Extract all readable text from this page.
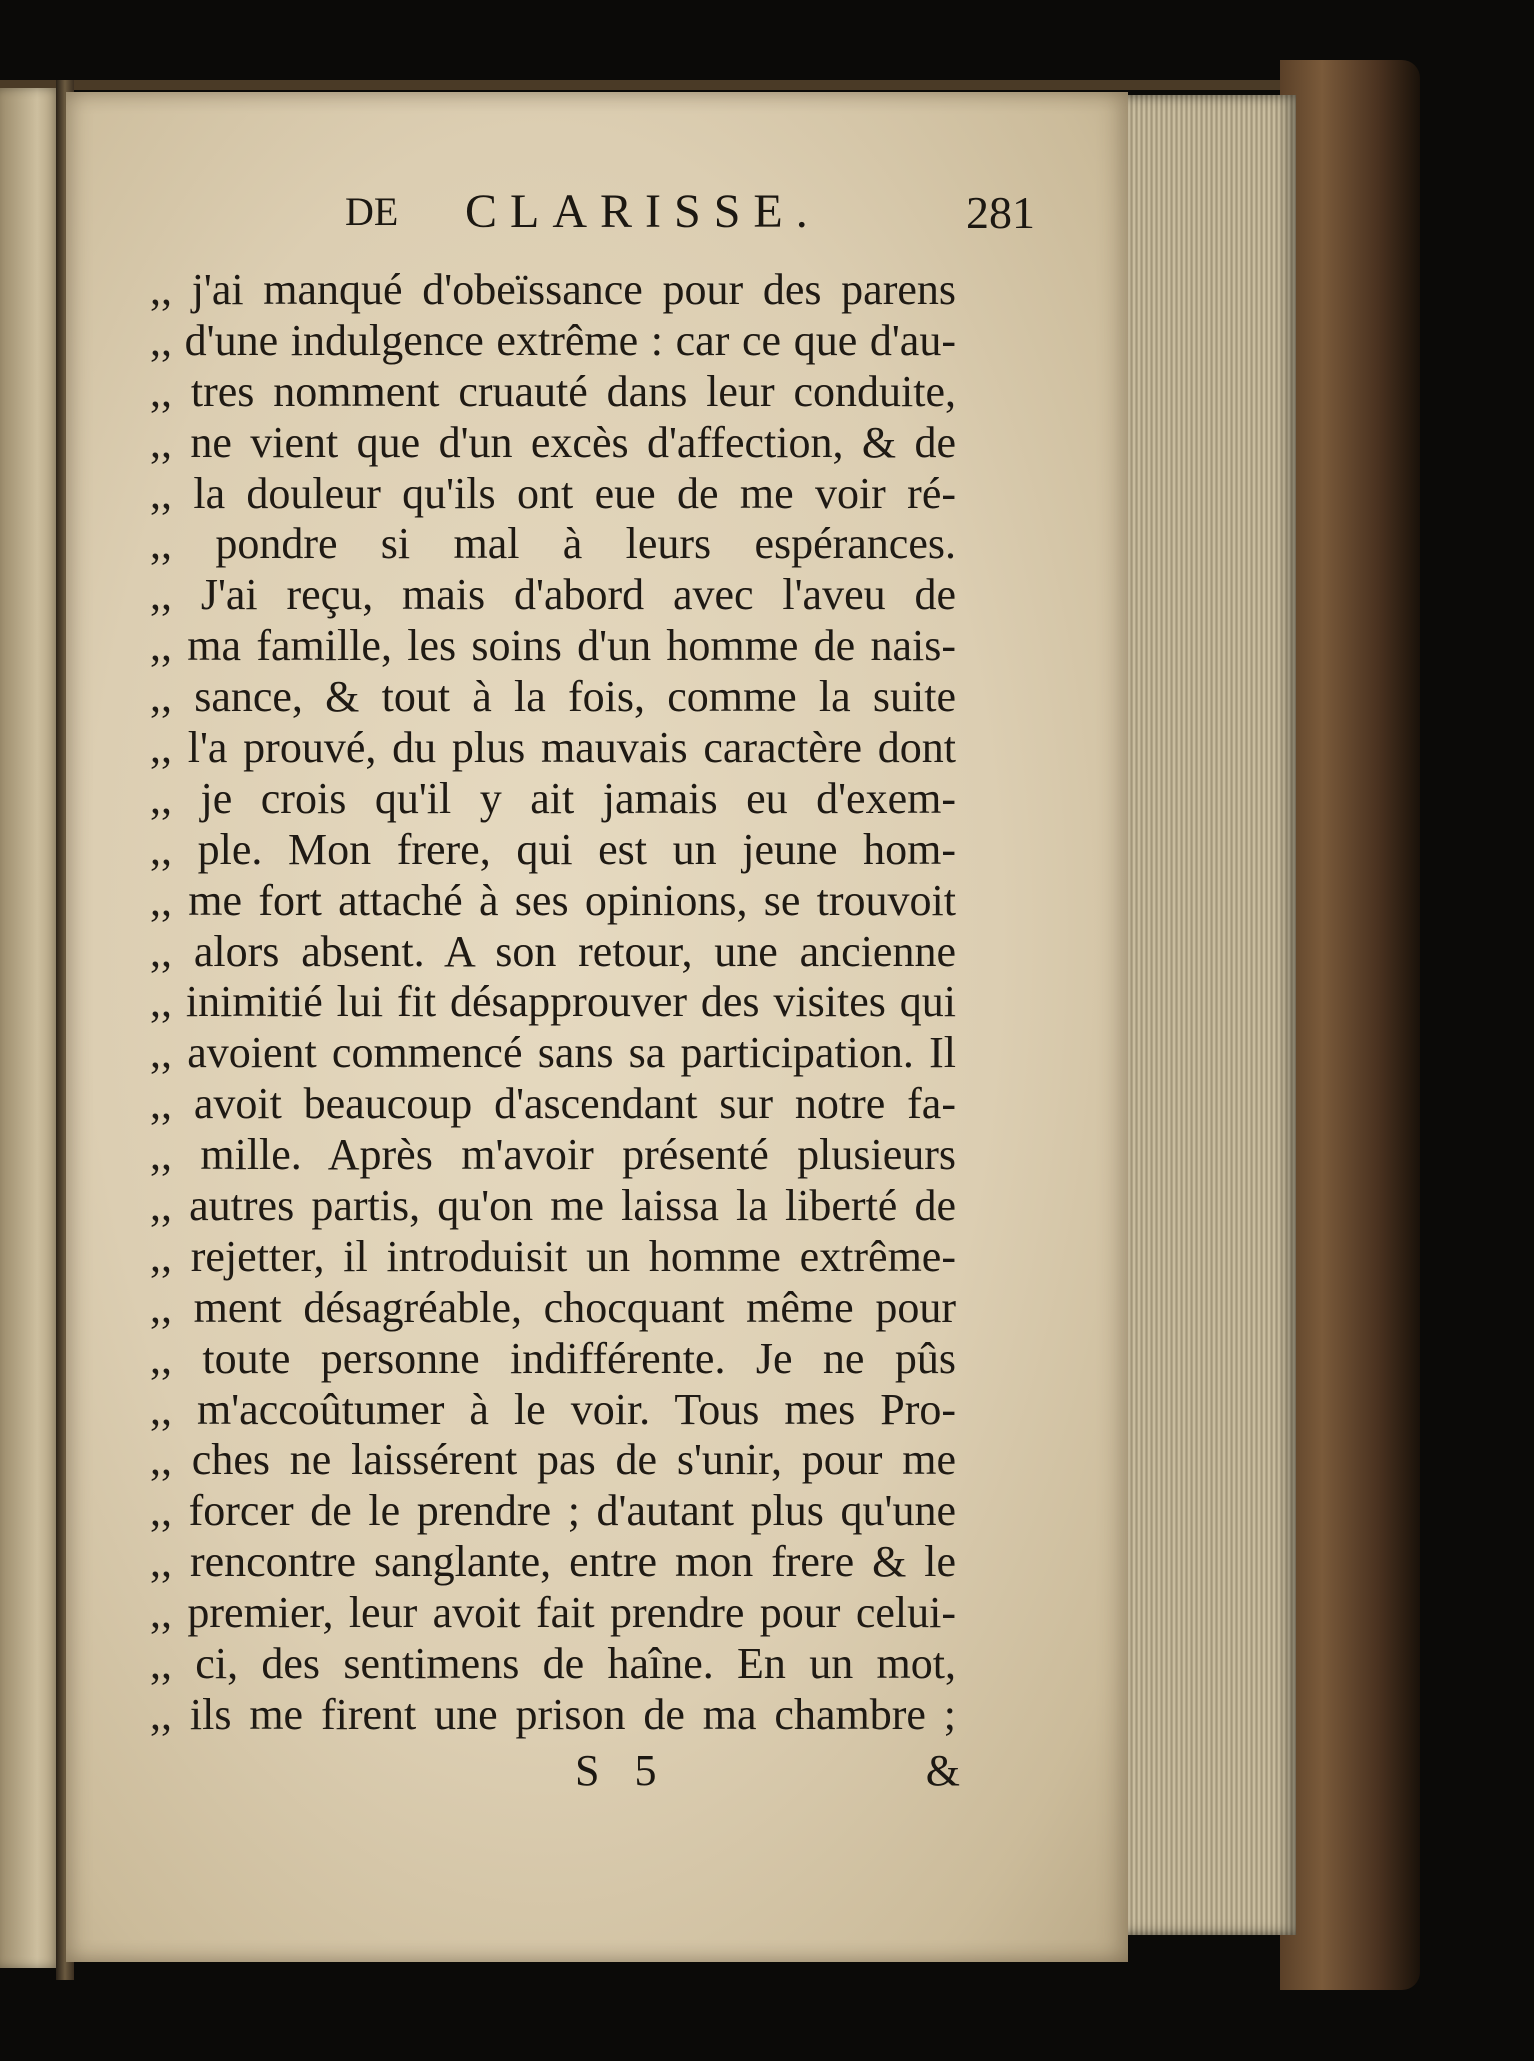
DE CLARISSE.	281
,, j'ai manqué d'obeïssance pour des parens
,, d'une indulgence extrême : car ce que d'au-
,, tres nomment cruauté dans leur conduite,
,, ne vient que d'un excès d'affection, & de
,, la douleur qu'ils ont eue de me voir ré-
,, pondre si mal à leurs espérances.
,, J'ai reçu, mais d'abord avec l'aveu de
,, ma famille, les soins d'un homme de nais-
,, sance, & tout à la fois, comme la suite
,, l'a prouvé, du plus mauvais caractère dont
,, je crois qu'il y ait jamais eu d'exem-
,, ple. Mon frere, qui est un jeune hom-
,, me fort attaché à ses opinions, se trouvoit
,, alors absent. A son retour, une ancienne
,, inimitié lui fit désapprouver des visites qui
,, avoient commencé sans sa participation. Il
,, avoit beaucoup d'ascendant sur notre fa-
,, mille. Après m'avoir présenté plusieurs
,, autres partis, qu'on me laissa la liberté de
,, rejetter, il introduisit un homme extrême-
,, ment désagréable, chocquant même pour
,, toute personne indifférente. Je ne pûs
,, m'accoûtumer à le voir. Tous mes Pro-
,, ches ne laissérent pas de s'unir, pour me
,, forcer de le prendre ; d'autant plus qu'une
,, rencontre sanglante, entre mon frere & le
,, premier, leur avoit fait prendre pour celui-
,, ci, des sentimens de haîne. En un mot,
,, ils me firent une prison de ma chambre ;
S 5	&
